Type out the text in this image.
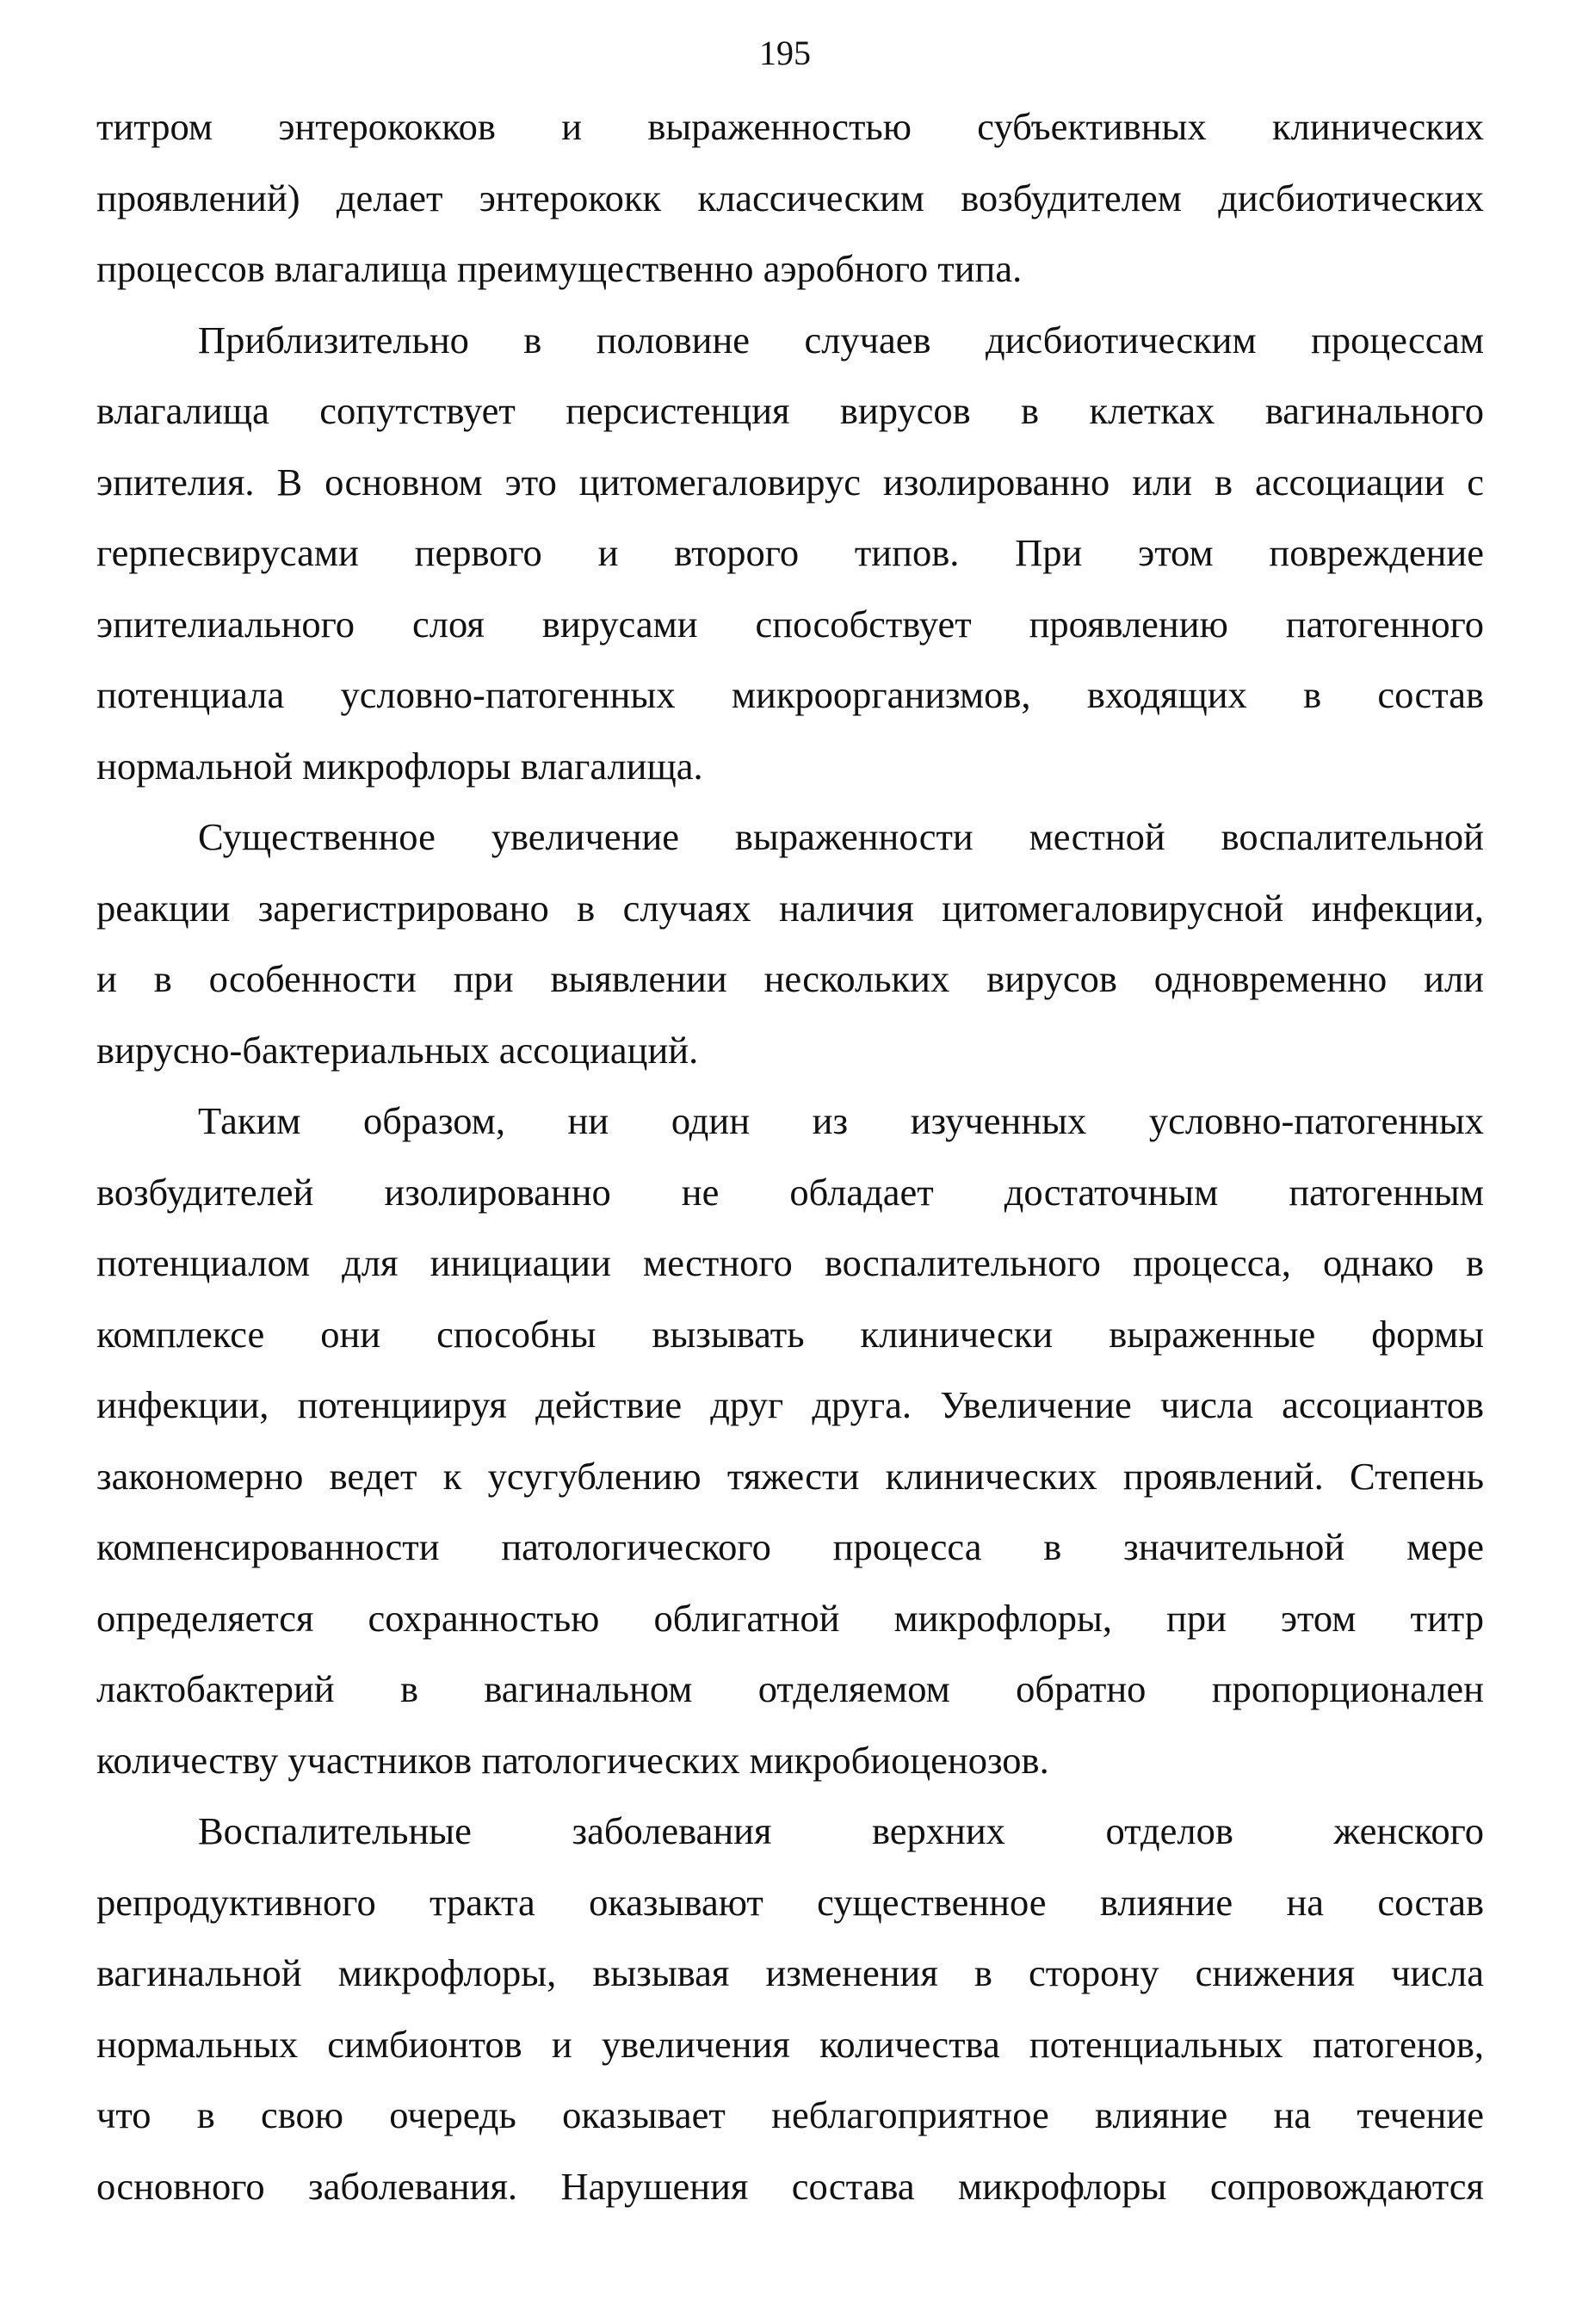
195
титром энтерококков и выраженностью субъективных клинических
проявлений) делает энтерококк классическим возбудителем дисбиотических
процессов влагалища преимущественно аэробного типа.
Приблизительно в половине случаев дисбиотическим процессам
влагалища сопутствует персистенция вирусов в клетках вагинального
эпителия. В основном это цитомегаловирус изолированно или в ассоциации с
герпесвирусами первого и второго типов. При этом повреждение
эпителиального слоя вирусами способствует проявлению патогенного
потенциала условно-патогенных микроорганизмов, входящих в состав
нормальной микрофлоры влагалища.
Существенное увеличение выраженности местной воспалительной
реакции зарегистрировано в случаях наличия цитомегаловирусной инфекции,
и в особенности при выявлении нескольких вирусов одновременно или
вирусно-бактериальных ассоциаций.
Таким образом, ни один из изученных условно-патогенных
возбудителей изолированно не обладает достаточным патогенным
потенциалом для инициации местного воспалительного процесса, однако в
комплексе они способны вызывать клинически выраженные формы
инфекции, потенциируя действие друг друга. Увеличение числа ассоциантов
закономерно ведет к усугублению тяжести клинических проявлений. Степень
компенсированности патологического процесса в значительной мере
определяется сохранностью облигатной микрофлоры, при этом титр
лактобактерий в вагинальном отделяемом обратно пропорционален
количеству участников патологических микробиоценозов.
Воспалительные заболевания верхних отделов женского
репродуктивного тракта оказывают существенное влияние на состав
вагинальной микрофлоры, вызывая изменения в сторону снижения числа
нормальных симбионтов и увеличения количества потенциальных патогенов,
что в свою очередь оказывает неблагоприятное влияние на течение
основного заболевания. Нарушения состава микрофлоры сопровождаются
